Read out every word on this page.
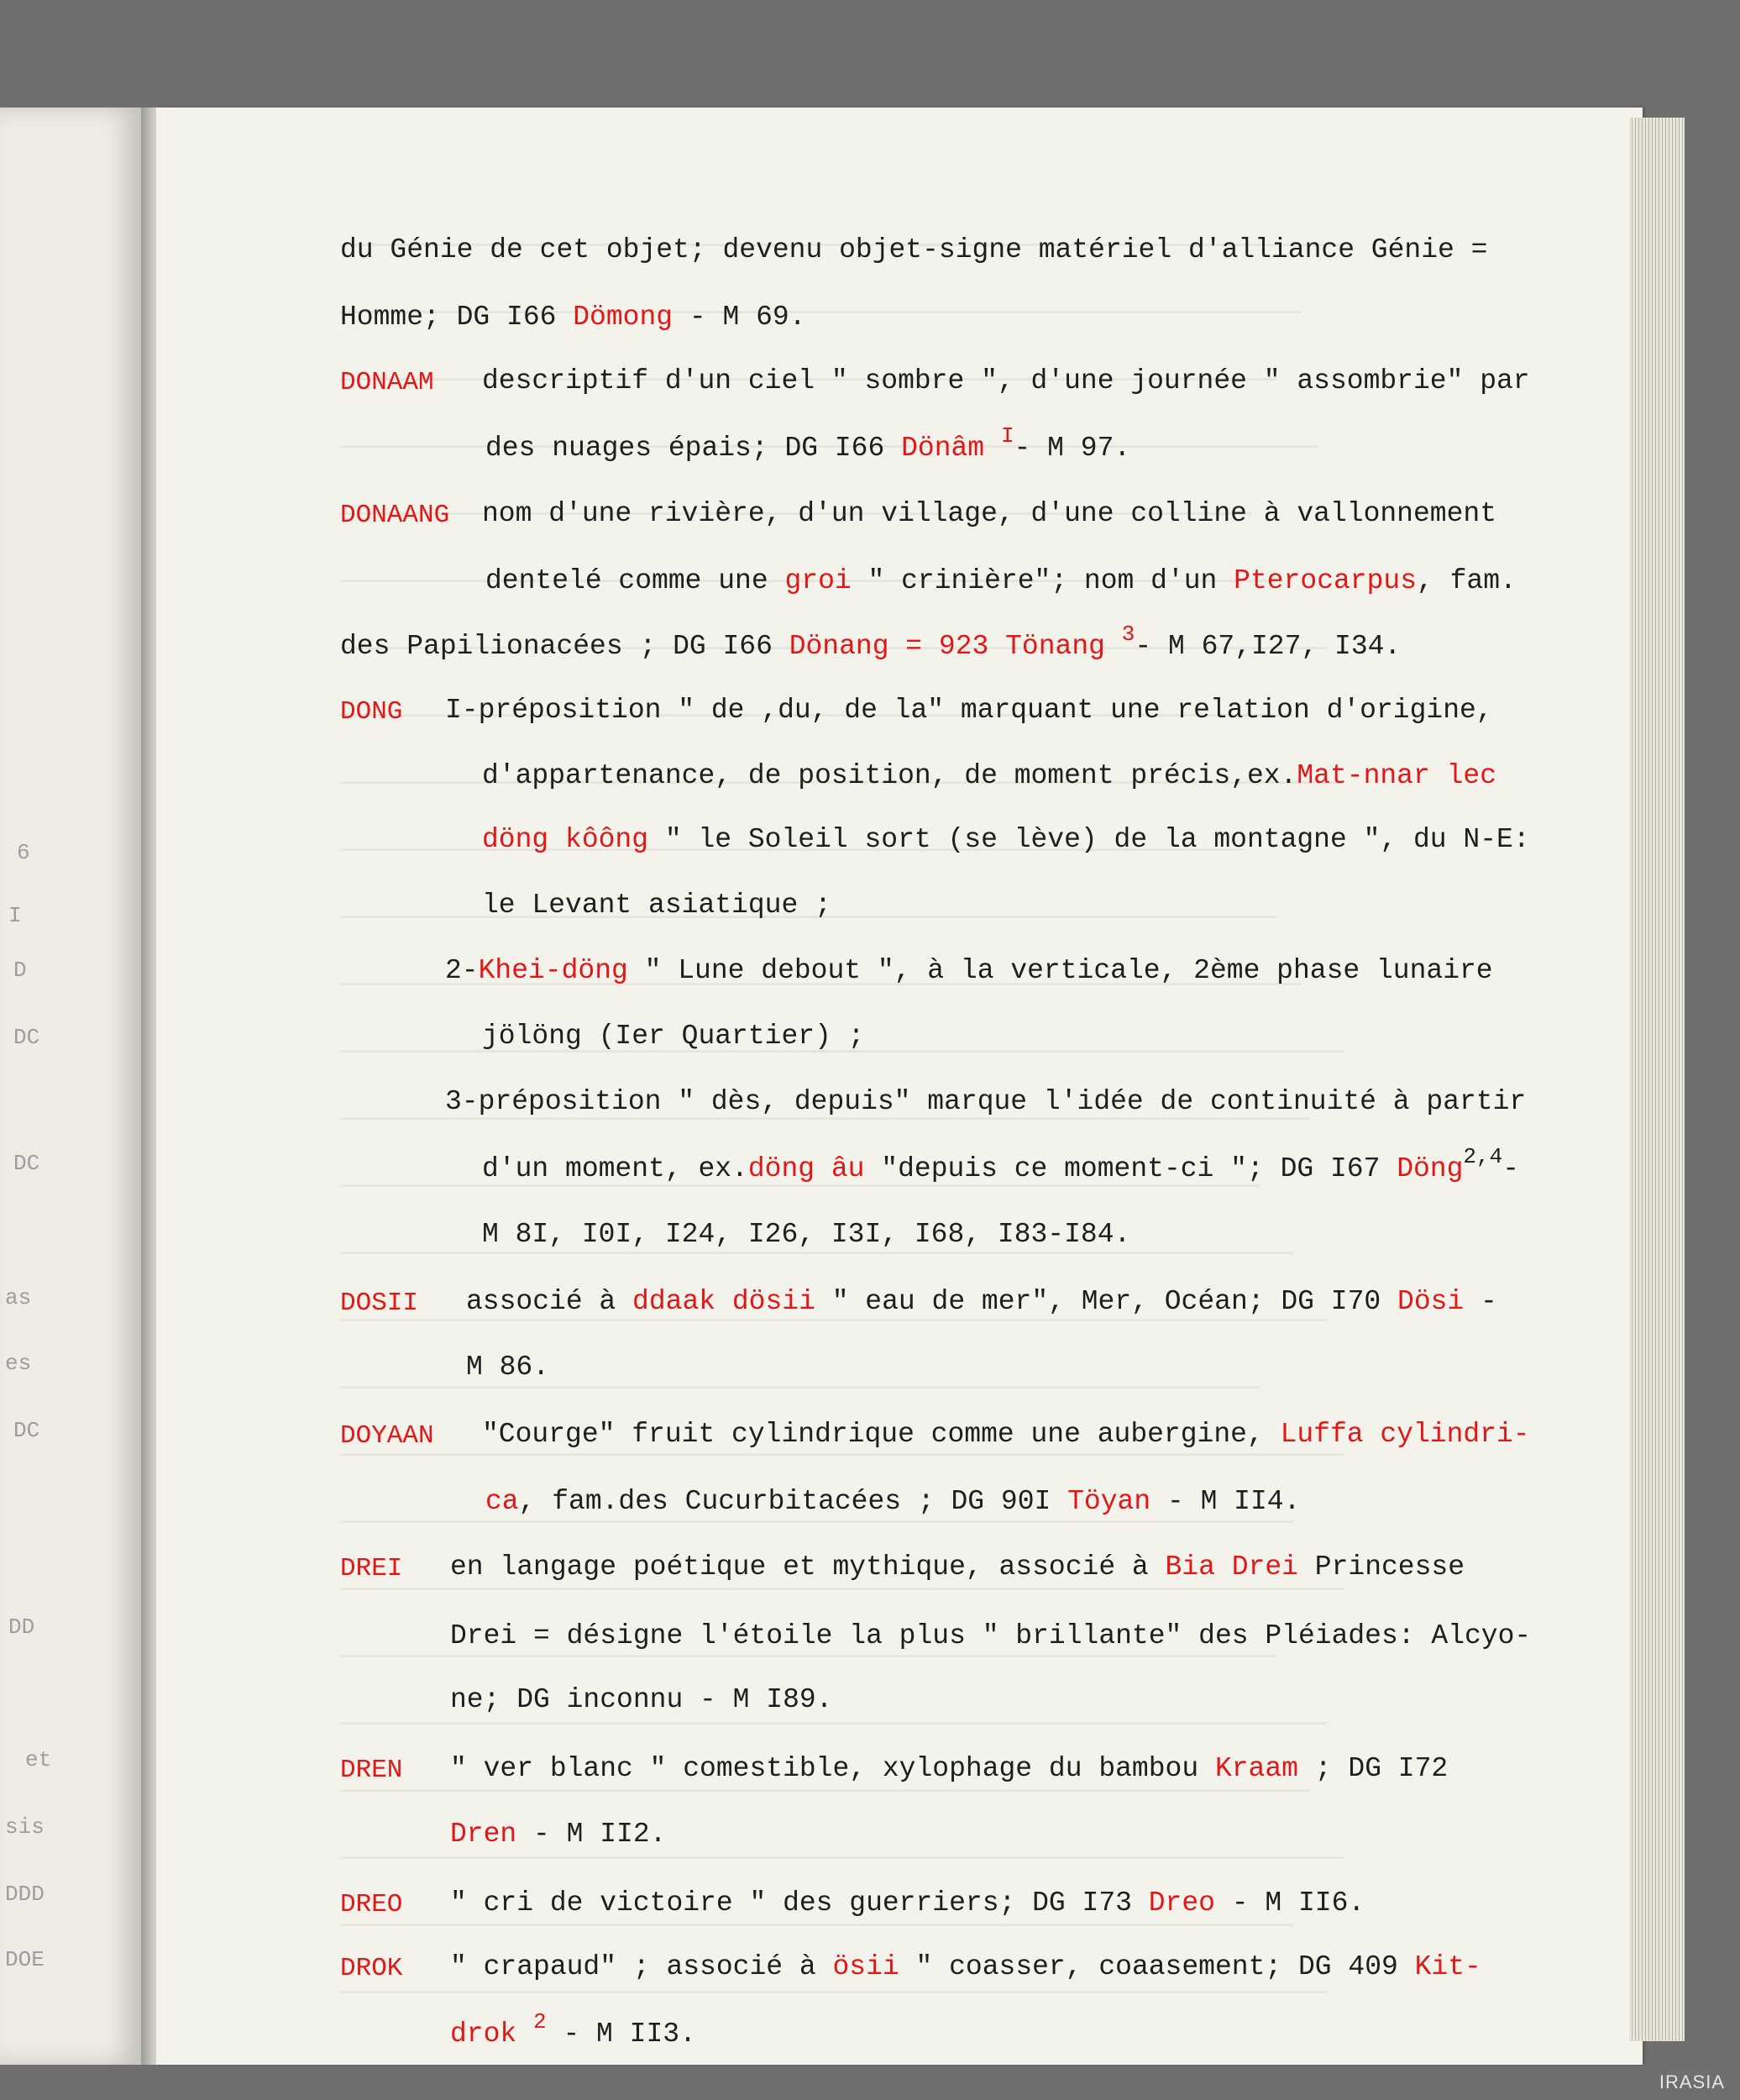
6
I
D
DC
DC
as
es
DC
DD
et
sis
DDD
DOE
du Génie de cet objet; devenu objet-signe matériel d'alliance Génie =
Homme; DG I66 Dömong - M 69.
DONAAM descriptif d'un ciel " sombre ", d'une journée " assombrie" par
des nuages épais; DG I66 Dönâm $^I$- M 97.
DONAANG nom d'une rivière, d'un village, d'une colline à vallonnement
dentelé comme une groi " crinière"; nom d'un Pterocarpus, fam.
des Papilionacées ; DG I66 Dönang = 923 Tönang $^3$- M 67,I27, I34.
DONG I-préposition " de ,du, de la" marquant une relation d'origine,
d'appartenance, de position, de moment précis,ex.Mat-nnar lec
döng kôông " le Soleil sort (se lève) de la montagne ", du N-E:
le Levant asiatique ;
2-Khei-döng " Lune debout ", à la verticale, 2ème phase lunaire
jölöng (Ier Quartier) ;
3-préposition " dès, depuis" marque l'idée de continuité à partir
d'un moment, ex.döng âu "depuis ce moment-ci "; DG I67 Döng$^{2,4}$-
M 8I, I0I, I24, I26, I3I, I68, I83-I84.
DOSII associé à ddaak dösii " eau de mer", Mer, Océan; DG I70 Dösi -
M 86.
DOYAAN "Courge" fruit cylindrique comme une aubergine, Luffa cylindri-
ca, fam.des Cucurbitacées ; DG 90I Töyan - M II4.
DREI en langage poétique et mythique, associé à Bia Drei Princesse
Drei = désigne l'étoile la plus " brillante" des Pléiades: Alcyo-
ne; DG inconnu - M I89.
DREN " ver blanc " comestible, xylophage du bambou Kraam ; DG I72
Dren - M II2.
DREO " cri de victoire " des guerriers; DG I73 Dreo - M II6.
DROK " crapaud" ; associé à ösii " coasser, coaasement; DG 409 Kit-
drok $^2$ - M II3.
IRASIA
